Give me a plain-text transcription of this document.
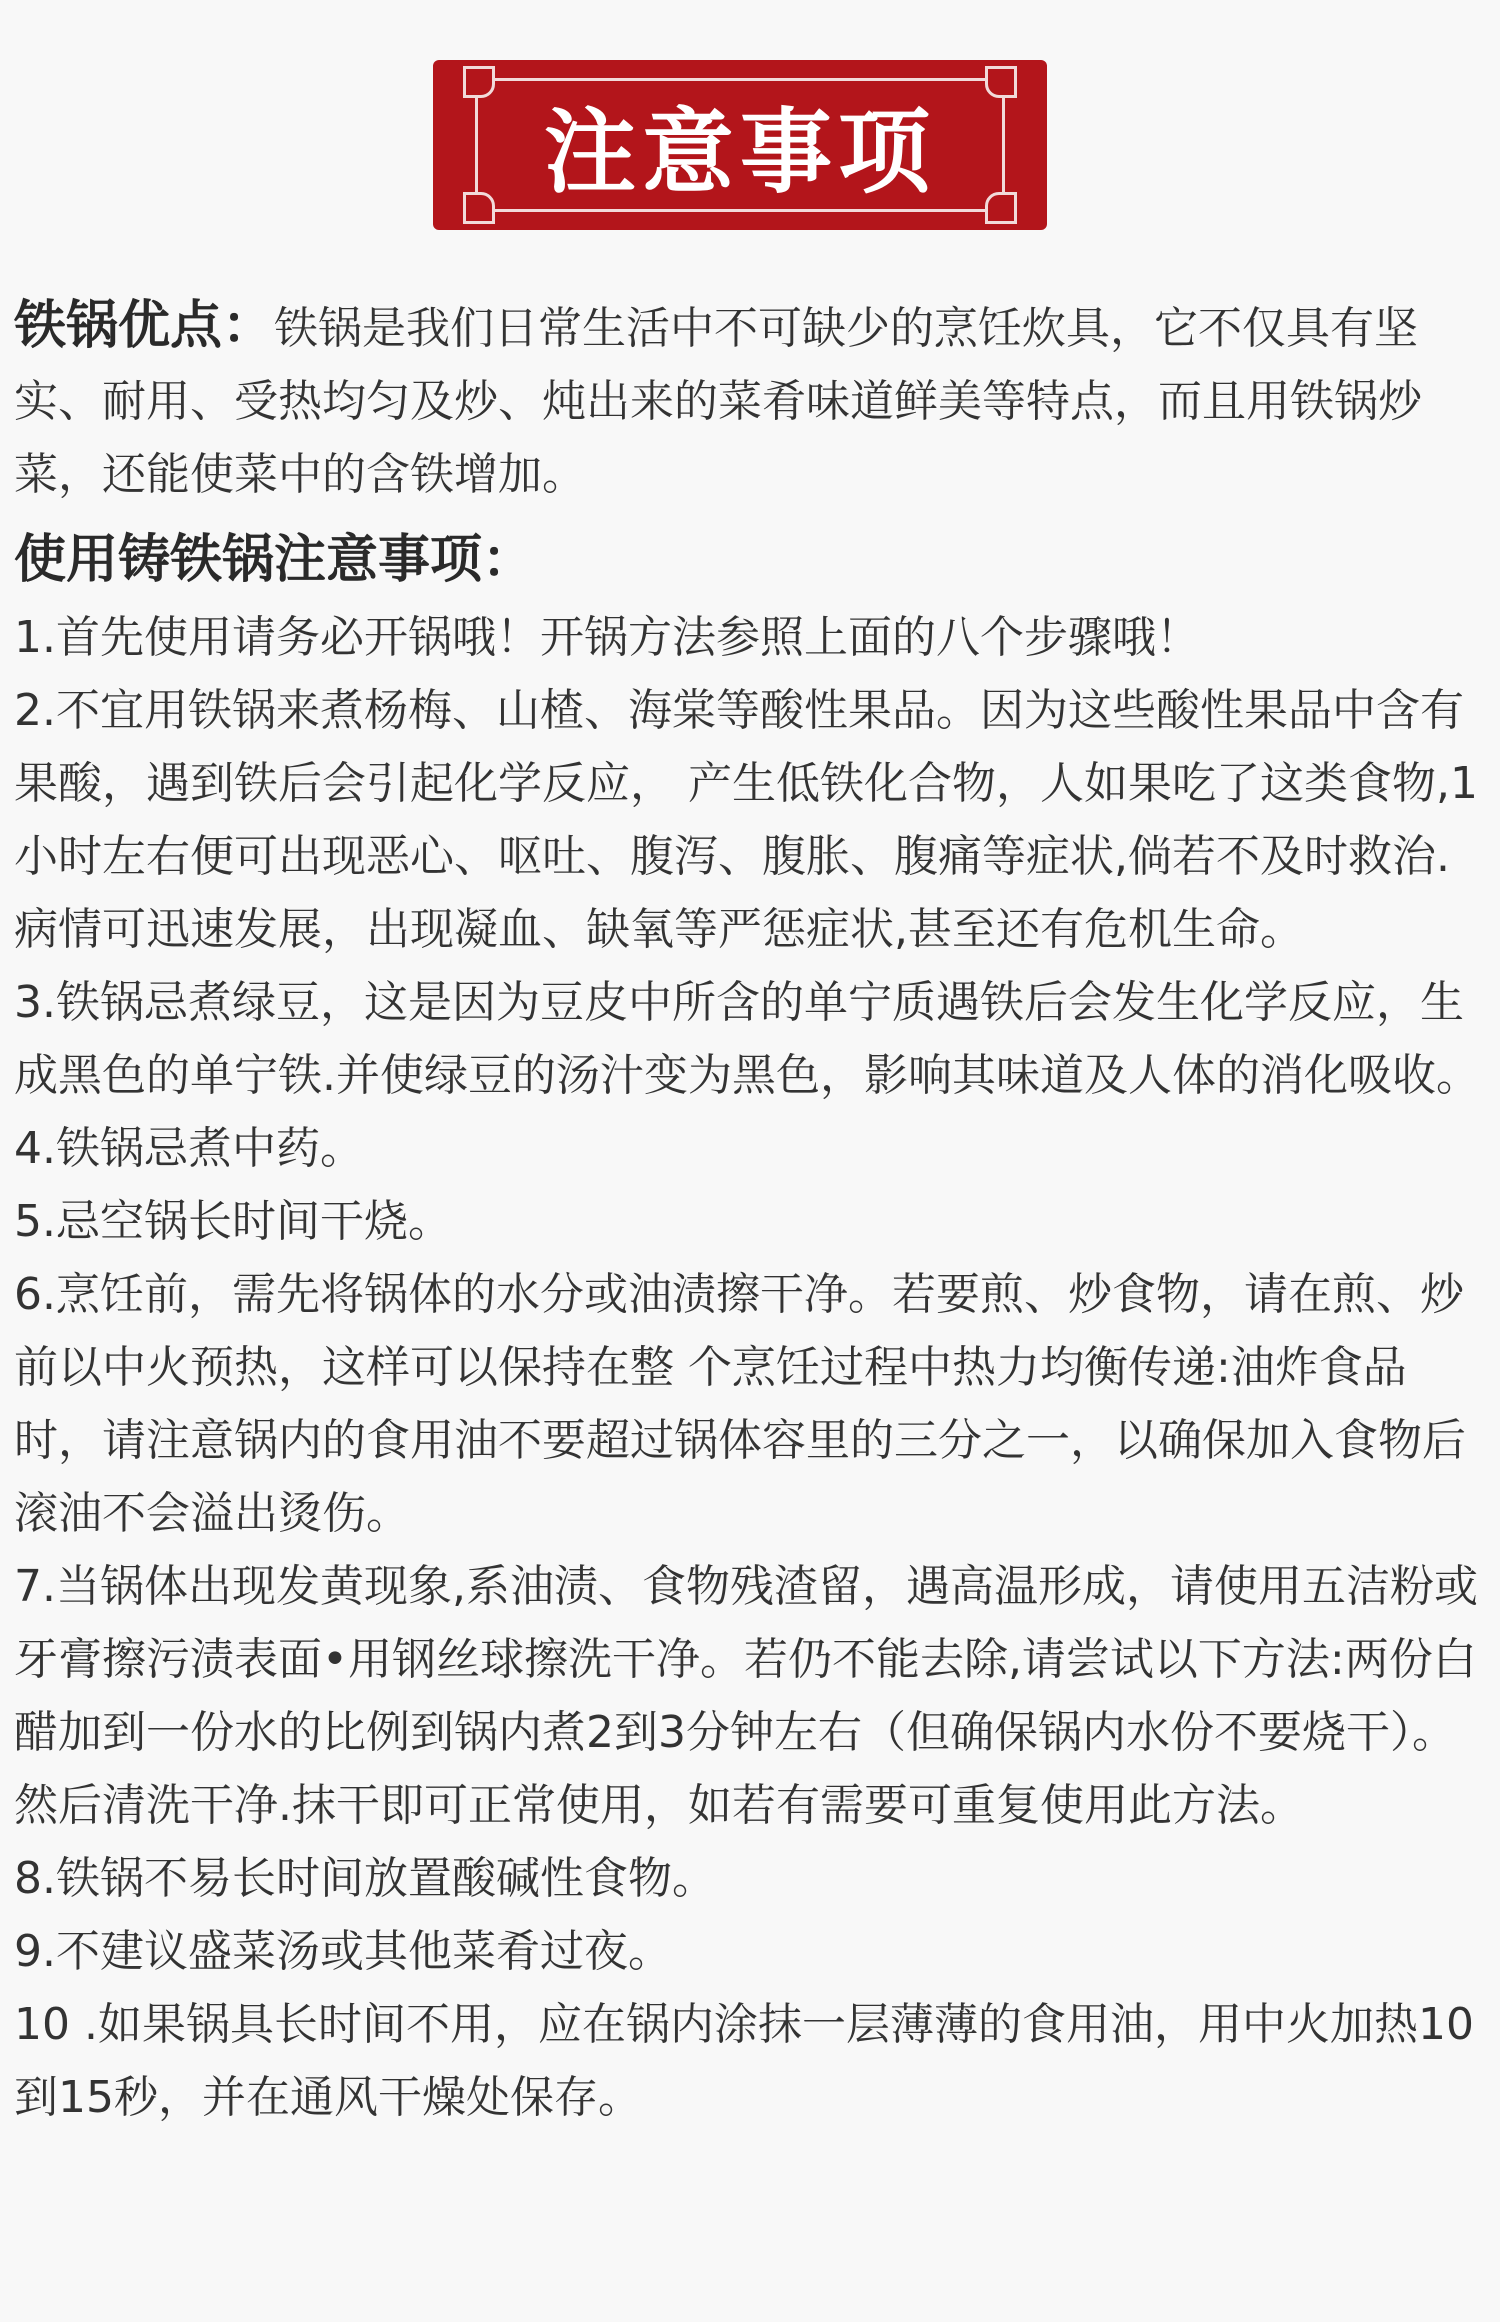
注意事项

铁锅优点：铁锅是我们日常生活中不可缺少的烹饪炊具，它不仅具有坚实、耐用、受热均匀及炒、炖出来的菜肴味道鲜美等特点，而且用铁锅炒菜，还能使菜中的含铁增加。

使用铸铁锅注意事项：

1.首先使用请务必开锅哦！开锅方法参照上面的八个步骤哦！

2.不宜用铁锅来煮杨梅、山楂、海棠等酸性果品。因为这些酸性果品中含有果酸，遇到铁后会引起化学反应， 产生低铁化合物，人如果吃了这类食物,1小时左右便可出现恶心、呕吐、腹泻、腹胀、腹痛等症状,倘若不及时救治.病情可迅速发展，出现凝血、缺氧等严惩症状,甚至还有危机生命。

3.铁锅忌煮绿豆，这是因为豆皮中所含的单宁质遇铁后会发生化学反应，生成黑色的单宁铁.并使绿豆的汤汁变为黑色，影响其味道及人体的消化吸收。

4.铁锅忌煮中药。

5.忌空锅长时间干烧。

6.烹饪前，需先将锅体的水分或油渍擦干净。若要煎、炒食物，请在煎、炒前以中火预热，这样可以保持在整 个烹饪过程中热力均衡传递:油炸食品时，请注意锅内的食用油不要超过锅体容里的三分之一，以确保加入食物后滚油不会溢出烫伤。

7.当锅体出现发黄现象,系油渍、食物残渣留，遇高温形成，请使用五洁粉或牙膏擦污渍表面•用钢丝球擦洗干净。若仍不能去除,请尝试以下方法:两份白醋加到一份水的比例到锅内煮2到3分钟左右（但确保锅内水份不要烧干）。然后清洗干净.抹干即可正常使用，如若有需要可重复使用此方法。

8.铁锅不易长时间放置酸碱性食物。

9.不建议盛菜汤或其他菜肴过夜。

10 .如果锅具长时间不用，应在锅内涂抹一层薄薄的食用油，用中火加热10到15秒，并在通风干燥处保存。
